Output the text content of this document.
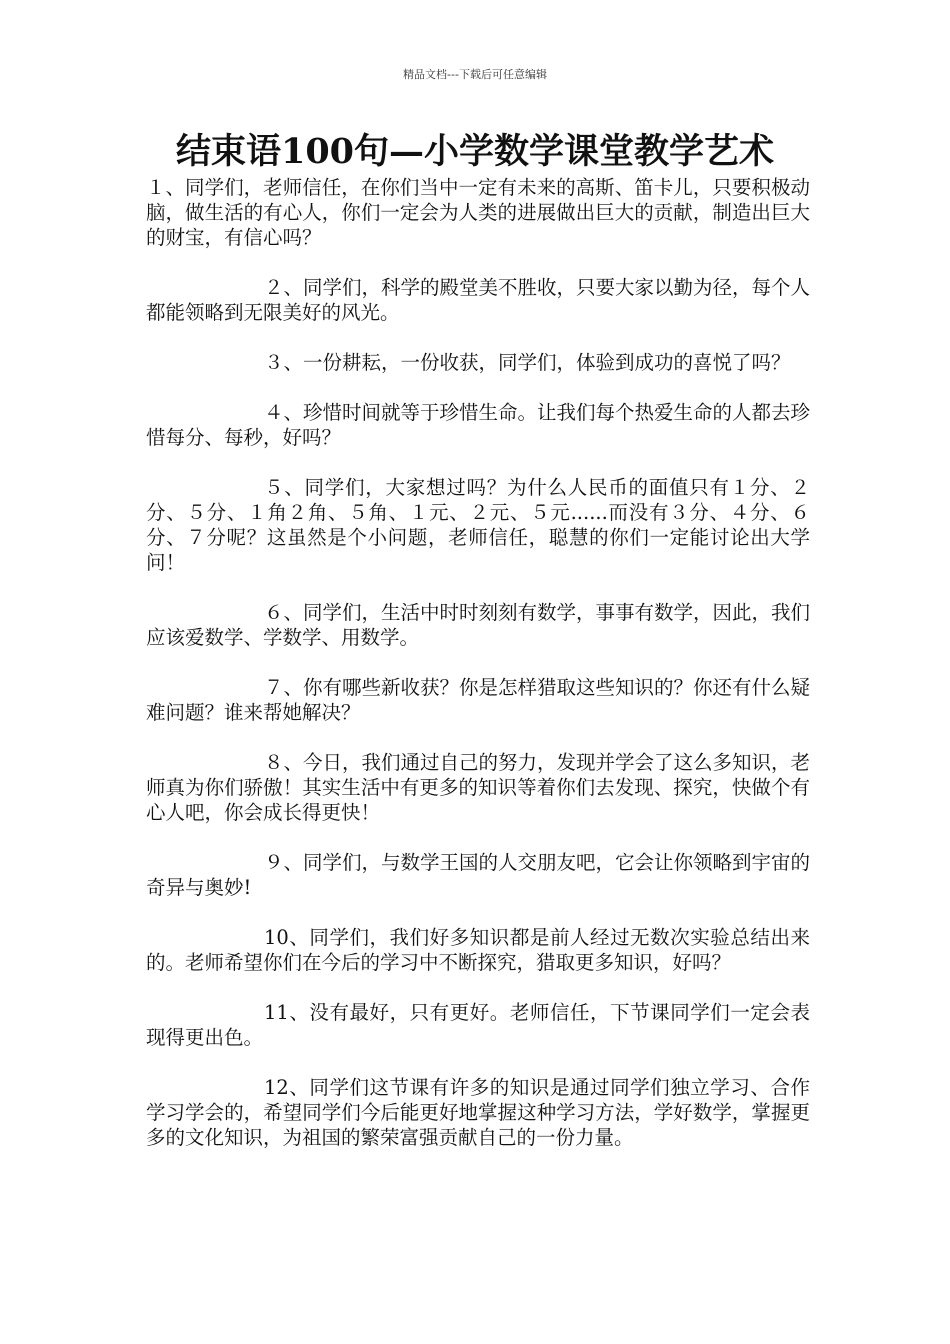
精品文档---下载后可任意编辑
结束语100句—小学数学课堂教学艺术

１、同学们，老师信任，在你们当中一定有未来的高斯、笛卡儿，只要积极动脑，做生活的有心人，你们一定会为人类的进展做出巨大的贡献，制造出巨大的财宝，有信心吗？

２、同学们，科学的殿堂美不胜收，只要大家以勤为径，每个人都能领略到无限美好的风光。

３、一份耕耘，一份收获，同学们，体验到成功的喜悦了吗？

４、珍惜时间就等于珍惜生命。让我们每个热爱生命的人都去珍惜每分、每秒，好吗？

５、同学们，大家想过吗？为什么人民币的面值只有１分、２分、５分、１角２角、５角、１元、２元、５元......而没有３分、４分、６分、７分呢？这虽然是个小问题，老师信任，聪慧的你们一定能讨论出大学问！

６、同学们，生活中时时刻刻有数学，事事有数学，因此，我们应该爱数学、学数学、用数学。

７、你有哪些新收获？你是怎样猎取这些知识的？你还有什么疑难问题？谁来帮她解决？

８、今日，我们通过自己的努力，发现并学会了这么多知识，老师真为你们骄傲！其实生活中有更多的知识等着你们去发现、探究，快做个有心人吧，你会成长得更快！

９、同学们，与数学王国的人交朋友吧，它会让你领略到宇宙的奇异与奥妙!

10、同学们，我们好多知识都是前人经过无数次实验总结出来的。老师希望你们在今后的学习中不断探究，猎取更多知识，好吗？

11、没有最好，只有更好。老师信任，下节课同学们一定会表现得更出色。

12、同学们这节课有许多的知识是通过同学们独立学习、合作学习学会的，希望同学们今后能更好地掌握这种学习方法，学好数学，掌握更多的文化知识，为祖国的繁荣富强贡献自己的一份力量。
